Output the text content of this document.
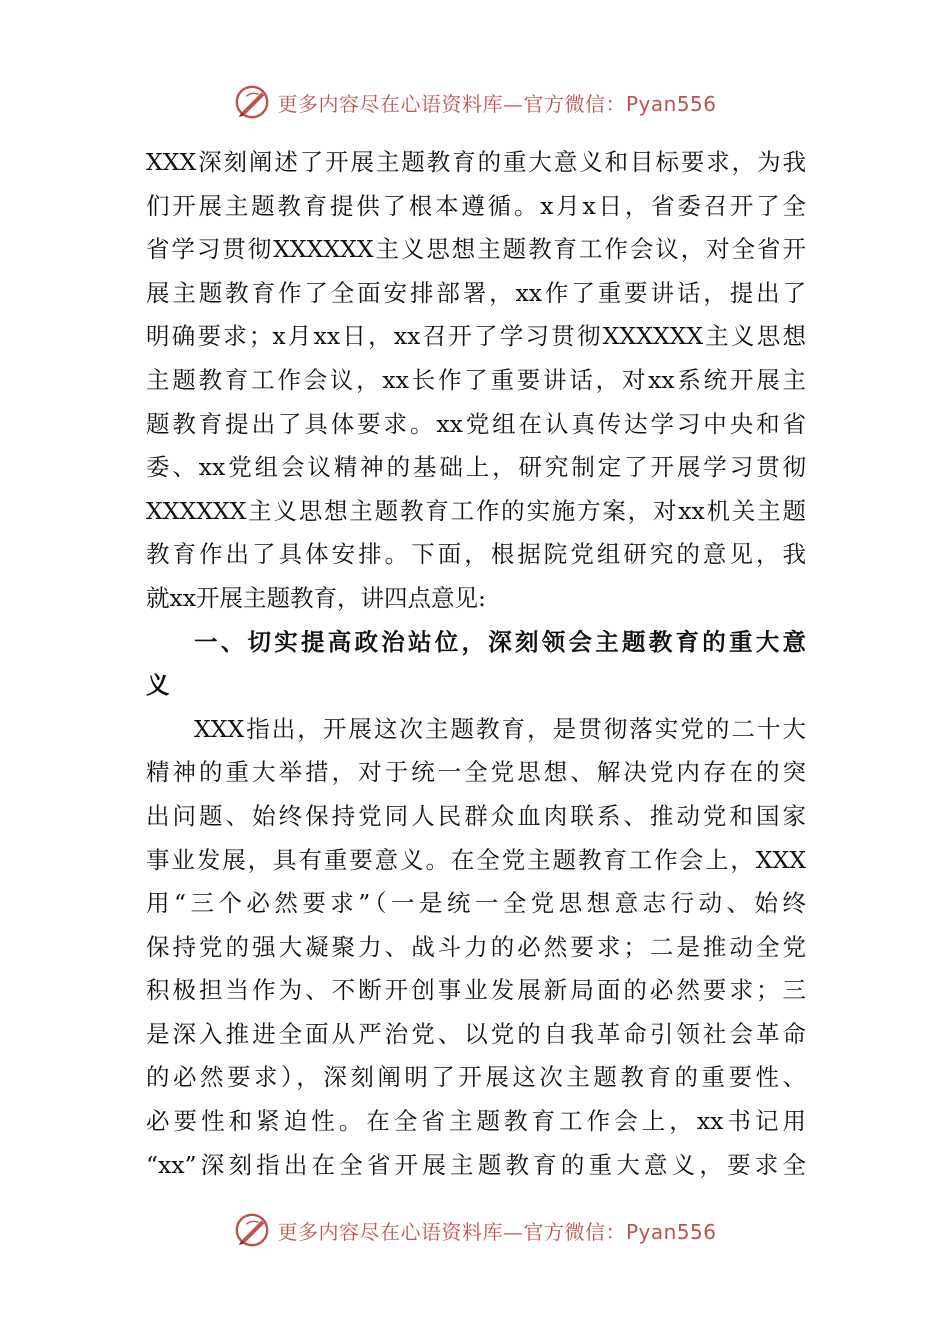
更多内容尽在心语资料库—官方微信：Pyan556
XXX深刻阐述了开展主题教育的重大意义和目标要求，为我
们开展主题教育提供了根本遵循。x月x日，省委召开了全
省学习贯彻XXXXXX主义思想主题教育工作会议，对全省开
展主题教育作了全面安排部署，xx作了重要讲话，提出了
明确要求；x月xx日，xx召开了学习贯彻XXXXXX主义思想
主题教育工作会议，xx长作了重要讲话，对xx系统开展主
题教育提出了具体要求。xx党组在认真传达学习中央和省
委、xx党组会议精神的基础上，研究制定了开展学习贯彻
XXXXXX主义思想主题教育工作的实施方案，对xx机关主题
教育作出了具体安排。下面，根据院党组研究的意见，我
就xx开展主题教育，讲四点意见:
一、切实提高政治站位，深刻领会主题教育的重大意
义
XXX指出，开展这次主题教育，是贯彻落实党的二十大
精神的重大举措，对于统一全党思想、解决党内存在的突
出问题、始终保持党同人民群众血肉联系、推动党和国家
事业发展，具有重要意义。在全党主题教育工作会上，XXX
用“三个必然要求”（一是统一全党思想意志行动、始终
保持党的强大凝聚力、战斗力的必然要求；二是推动全党
积极担当作为、不断开创事业发展新局面的必然要求；三
是深入推进全面从严治党、以党的自我革命引领社会革命
的必然要求），深刻阐明了开展这次主题教育的重要性、
必要性和紧迫性。在全省主题教育工作会上，xx书记用
“xx”深刻指出在全省开展主题教育的重大意义，要求全
更多内容尽在心语资料库—官方微信：Pyan556
